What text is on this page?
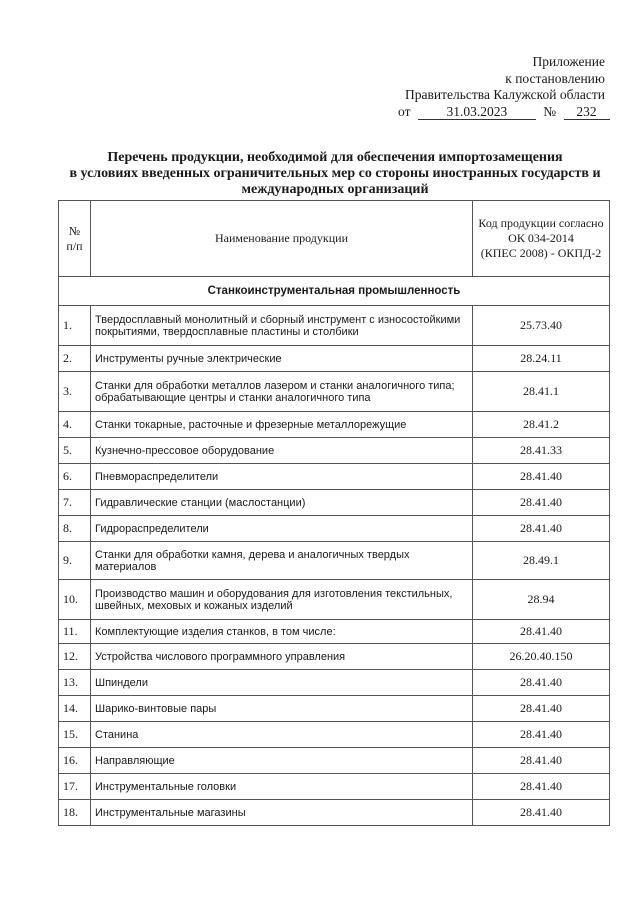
Приложение
к постановлению
Правительства Калужской области
от	31.03.2023	№ 232
Перечень продукции, необходимой для обеспечения импортозамещения
в условиях введенных ограничительных мер со стороны иностранных государств и
международных организаций
№ п/п	Наименование продукции	Код продукции согласно
ОК 034-2014
(КПЕС 2008) - ОКПД-2

Станкоинструментальная промышленность		
1.	Твердосплавный монолитный и сборный инструмент с износостойкими покрытиями, твердосплавные пластины и столбики	25.73.40
2.	Инструменты ручные электрические	28.24.11
3.	Станки для обработки металлов лазером и станки аналогичного типа; обрабатывающие центры и станки аналогичного типа	28.41.1
4.	Станки токарные, расточные и фрезерные металлорежущие	28.41.2
5.	Кузнечно-прессовое оборудование	28.41.33
6.	Пневмораспределители	28.41.40
7.	Гидравлические станции (маслостанции)	28.41.40
8.	Гидрораспределители	28.41.40
9.	Станки для обработки камня, дерева и аналогичных твердых материалов	28.49.1
10.	Производство машин и оборудования для изготовления текстильных, швейных, меховых и кожаных изделий	28.94
11.	Комплектующие изделия станков, в том числе:	28.41.40
12.	Устройства числового программного управления	26.20.40.150
13.	Шпиндели	28.41.40
14.	Шарико-винтовые пары	28.41.40
15.	Станина	28.41.40
16.	Направляющие	28.41.40
17.	Инструментальные головки	28.41.40
18.	Инструментальные магазины	28.41.40
